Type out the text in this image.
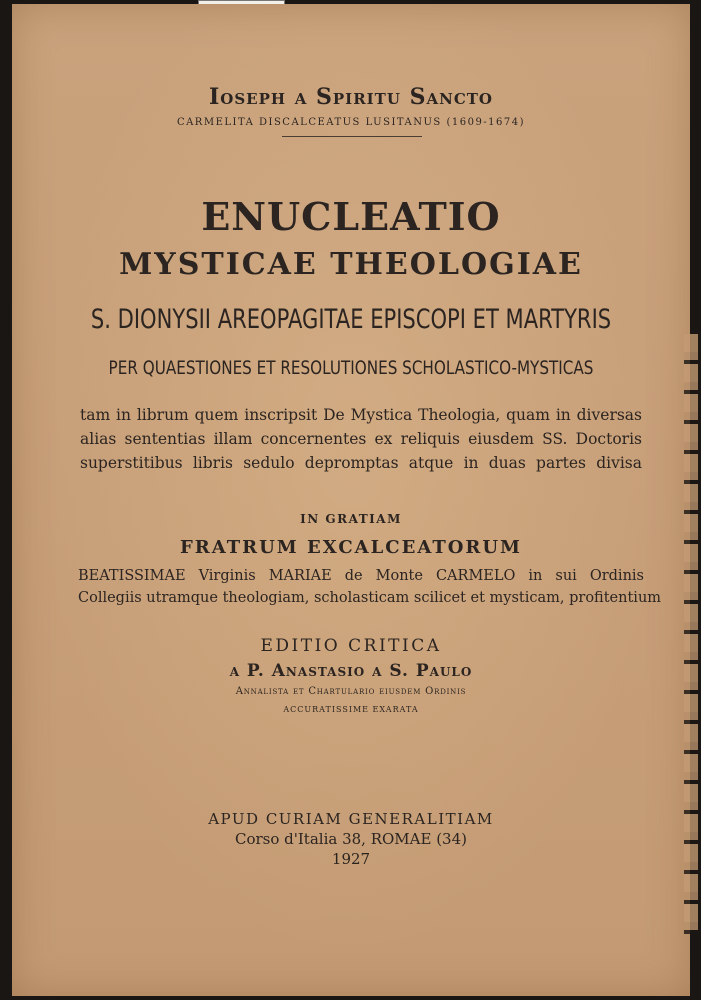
Ioseph a Spiritu Sancto
CARMELITA DISCALCEATUS LUSITANUS (1609-1674)
ENUCLEATIO
MYSTICAE THEOLOGIAE
S. DIONYSII AREOPAGITAE EPISCOPI ET MARTYRIS
PER QUAESTIONES ET RESOLUTIONES SCHOLASTICO-MYSTICAS
tam in librum quem inscripsit De Mystica Theologia, quam in diversas
alias sententias illam concernentes ex reliquis eiusdem SS. Doctoris
superstitibus libris sedulo depromptas atque in duas partes divisa
IN GRATIAM
FRATRUM EXCALCEATORUM
BEATISSIMAE Virginis MARIAE de Monte CARMELO in sui Ordinis
Collegiis utramque theologiam, scholasticam scilicet et mysticam, profitentium
EDITIO CRITICA
a P. Anastasio a S. Paulo
Annalista et Chartulario eiusdem Ordinis
ACCURATISSIME EXARATA
APUD CURIAM GENERALITIAM
Corso d'Italia 38, ROMAE (34)
1927
